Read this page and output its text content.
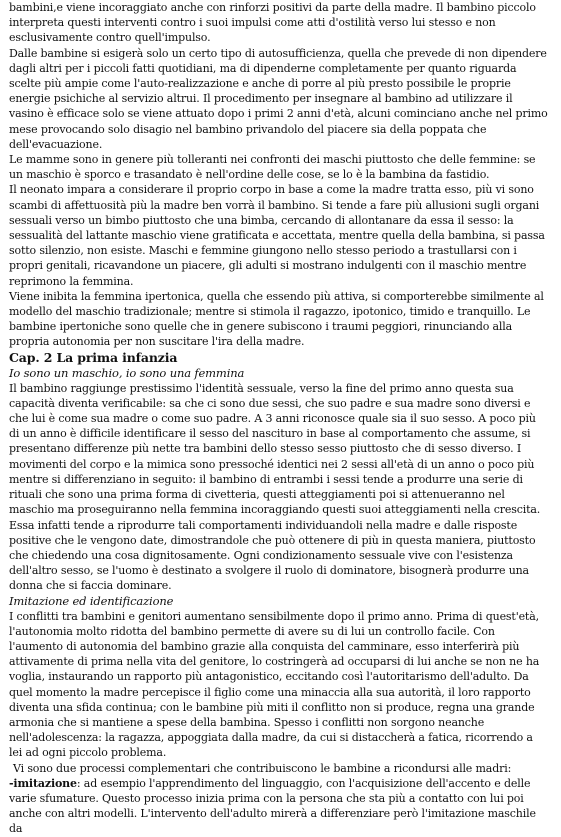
bambini,e viene incoraggiato anche con rinforzi positivi da parte della madre. Il bambino piccolo interpreta questi interventi contro i suoi impulsi come atti d'ostilità verso lui stesso e non esclusivamente contro quell'impulso.

Dalle bambine si esigerà solo un certo tipo di autosufficienza, quella che prevede di non dipendere dagli altri per i piccoli fatti quotidiani, ma di dipenderne completamente per quanto riguarda scelte più ampie come l'auto-realizzazione e anche di porre al più presto possibile le proprie energie psichiche al servizio altrui. Il procedimento per insegnare al bambino ad utilizzare il vasino è efficace solo se viene attuato dopo i primi 2 anni d'età, alcuni cominciano anche nel primo mese provocando solo disagio nel bambino privandolo del piacere sia della poppata che dell'evacuazione.

Le mamme sono in genere più tolleranti nei confronti dei maschi piuttosto che delle femmine: se un maschio è sporco e trasandato è nell'ordine delle cose, se lo è la bambina da fastidio.

Il neonato impara a considerare il proprio corpo in base a come la madre tratta esso, più vi sono scambi di affettuosità più la madre ben vorrà il bambino. Si tende a fare più allusioni sugli organi sessuali verso un bimbo piuttosto che una bimba, cercando di allontanare da essa il sesso: la sessualità del lattante maschio viene gratificata e accettata, mentre quella della bambina, si passa sotto silenzio, non esiste. Maschi e femmine giungono nello stesso periodo a trastullarsi con i propri genitali, ricavandone un piacere, gli adulti si mostrano indulgenti con il maschio mentre reprimono la femmina.

Viene inibita la femmina ipertonica, quella che essendo più attiva, si comporterebbe similmente al modello del maschio tradizionale; mentre si stimola il ragazzo, ipotonico, timido e tranquillo. Le bambine ipertoniche sono quelle che in genere subiscono i traumi peggiori, rinunciando alla propria autonomia per non suscitare l'ira della madre.

Cap. 2 La prima infanzia

Io sono un maschio, io sono una femmina

Il bambino raggiunge prestissimo l'identità sessuale, verso la fine del primo anno questa sua capacità diventa verificabile: sa che ci sono due sessi, che suo padre e sua madre sono diversi e che lui è come sua madre o come suo padre. A 3 anni riconosce quale sia il suo sesso. A poco più di un anno è difficile identificare il sesso del nascituro in base al comportamento che assume, si presentano differenze più nette tra bambini dello stesso sesso piuttosto che di sesso diverso. I movimenti del corpo e la mimica sono pressoché identici nei 2 sessi all'età di un anno o poco più mentre si differenziano in seguito: il bambino di entrambi i sessi tende a produrre una serie di rituali che sono una prima forma di civetteria, questi atteggiamenti poi si attenueranno nel maschio ma proseguiranno nella femmina incoraggiando questi suoi atteggiamenti nella crescita. Essa infatti tende a riprodurre tali comportamenti individuandoli nella madre e dalle risposte positive che le vengono date, dimostrandole che può ottenere di più in questa maniera, piuttosto che chiedendo una cosa dignitosamente. Ogni condizionamento sessuale vive con l'esistenza dell'altro sesso, se l'uomo è destinato a svolgere il ruolo di dominatore, bisognerà produrre una donna che si faccia dominare.

Imitazione ed identificazione

I conflitti tra bambini e genitori aumentano sensibilmente dopo il primo anno. Prima di quest'età, l'autonomia molto ridotta del bambino permette di avere su di lui un controllo facile. Con l'aumento di autonomia del bambino grazie alla conquista del camminare, esso interferirà più attivamente di prima nella vita del genitore, lo costringerà ad occuparsi di lui anche se non ne ha voglia, instaurando un rapporto più antagonistico, eccitando così l'autoritarismo dell'adulto. Da quel momento la madre percepisce il figlio come una minaccia alla sua autorità, il loro rapporto diventa una sfida continua; con le bambine più miti il conflitto non si produce, regna una grande armonia che si mantiene a spese della bambina. Spesso i conflitti non sorgono neanche nell'adolescenza: la ragazza, appoggiata dalla madre, da cui si distaccherà a fatica, ricorrendo a lei ad ogni piccolo problema.

Vi sono due processi complementari che contribuiscono le bambine a ricondursi alle madri:

-imitazione: ad esempio l'apprendimento del linguaggio, con l'acquisizione dell'accento e delle varie sfumature. Questo processo inizia prima con la persona che sta più a contatto con lui poi anche con altri modelli. L'intervento dell'adulto mirerà a differenziare però l'imitazione maschile da
